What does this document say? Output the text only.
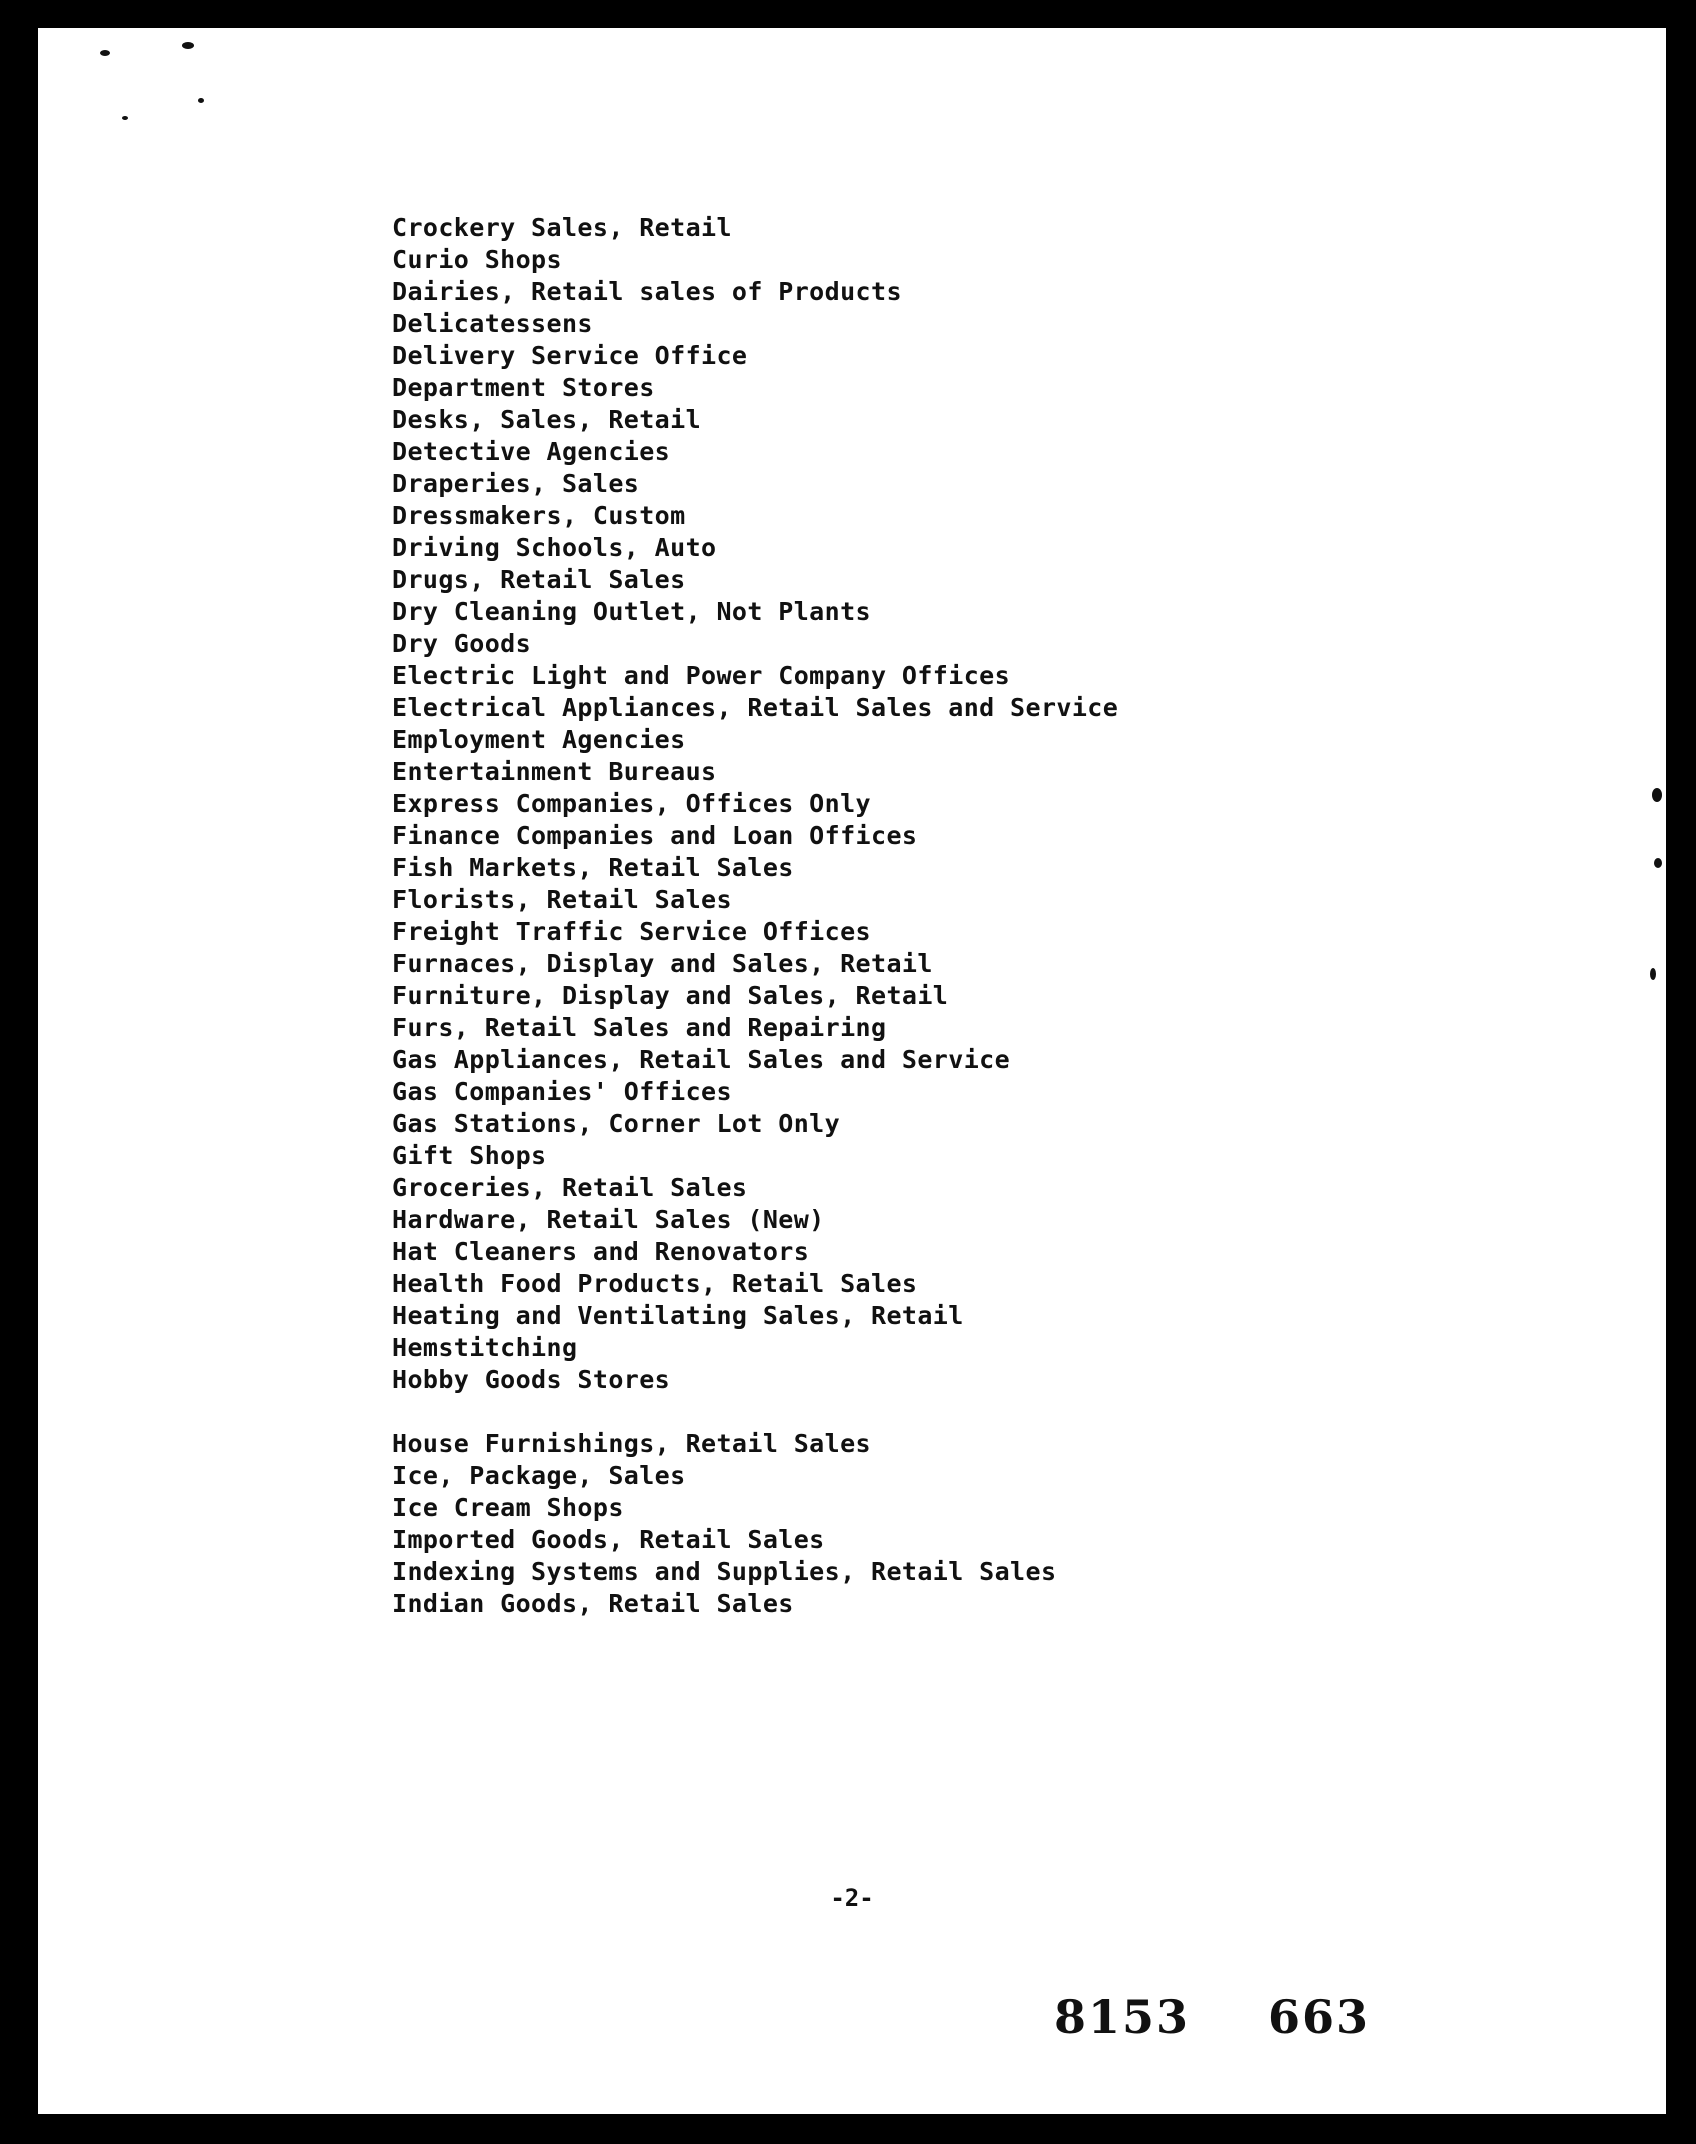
Crockery Sales, Retail
Curio Shops
Dairies, Retail sales of Products
Delicatessens
Delivery Service Office
Department Stores
Desks, Sales, Retail
Detective Agencies
Draperies, Sales
Dressmakers, Custom
Driving Schools, Auto
Drugs, Retail Sales
Dry Cleaning Outlet, Not Plants
Dry Goods
Electric Light and Power Company Offices
Electrical Appliances, Retail Sales and Service
Employment Agencies
Entertainment Bureaus
Express Companies, Offices Only
Finance Companies and Loan Offices
Fish Markets, Retail Sales
Florists, Retail Sales
Freight Traffic Service Offices
Furnaces, Display and Sales, Retail
Furniture, Display and Sales, Retail
Furs, Retail Sales and Repairing
Gas Appliances, Retail Sales and Service
Gas Companies' Offices
Gas Stations, Corner Lot Only
Gift Shops
Groceries, Retail Sales
Hardware, Retail Sales (New)
Hat Cleaners and Renovators
Health Food Products, Retail Sales
Heating and Ventilating Sales, Retail
Hemstitching
Hobby Goods Stores
House Furnishings, Retail Sales
Ice, Package, Sales
Ice Cream Shops
Imported Goods, Retail Sales
Indexing Systems and Supplies, Retail Sales
Indian Goods, Retail Sales
-2-
8153 663
